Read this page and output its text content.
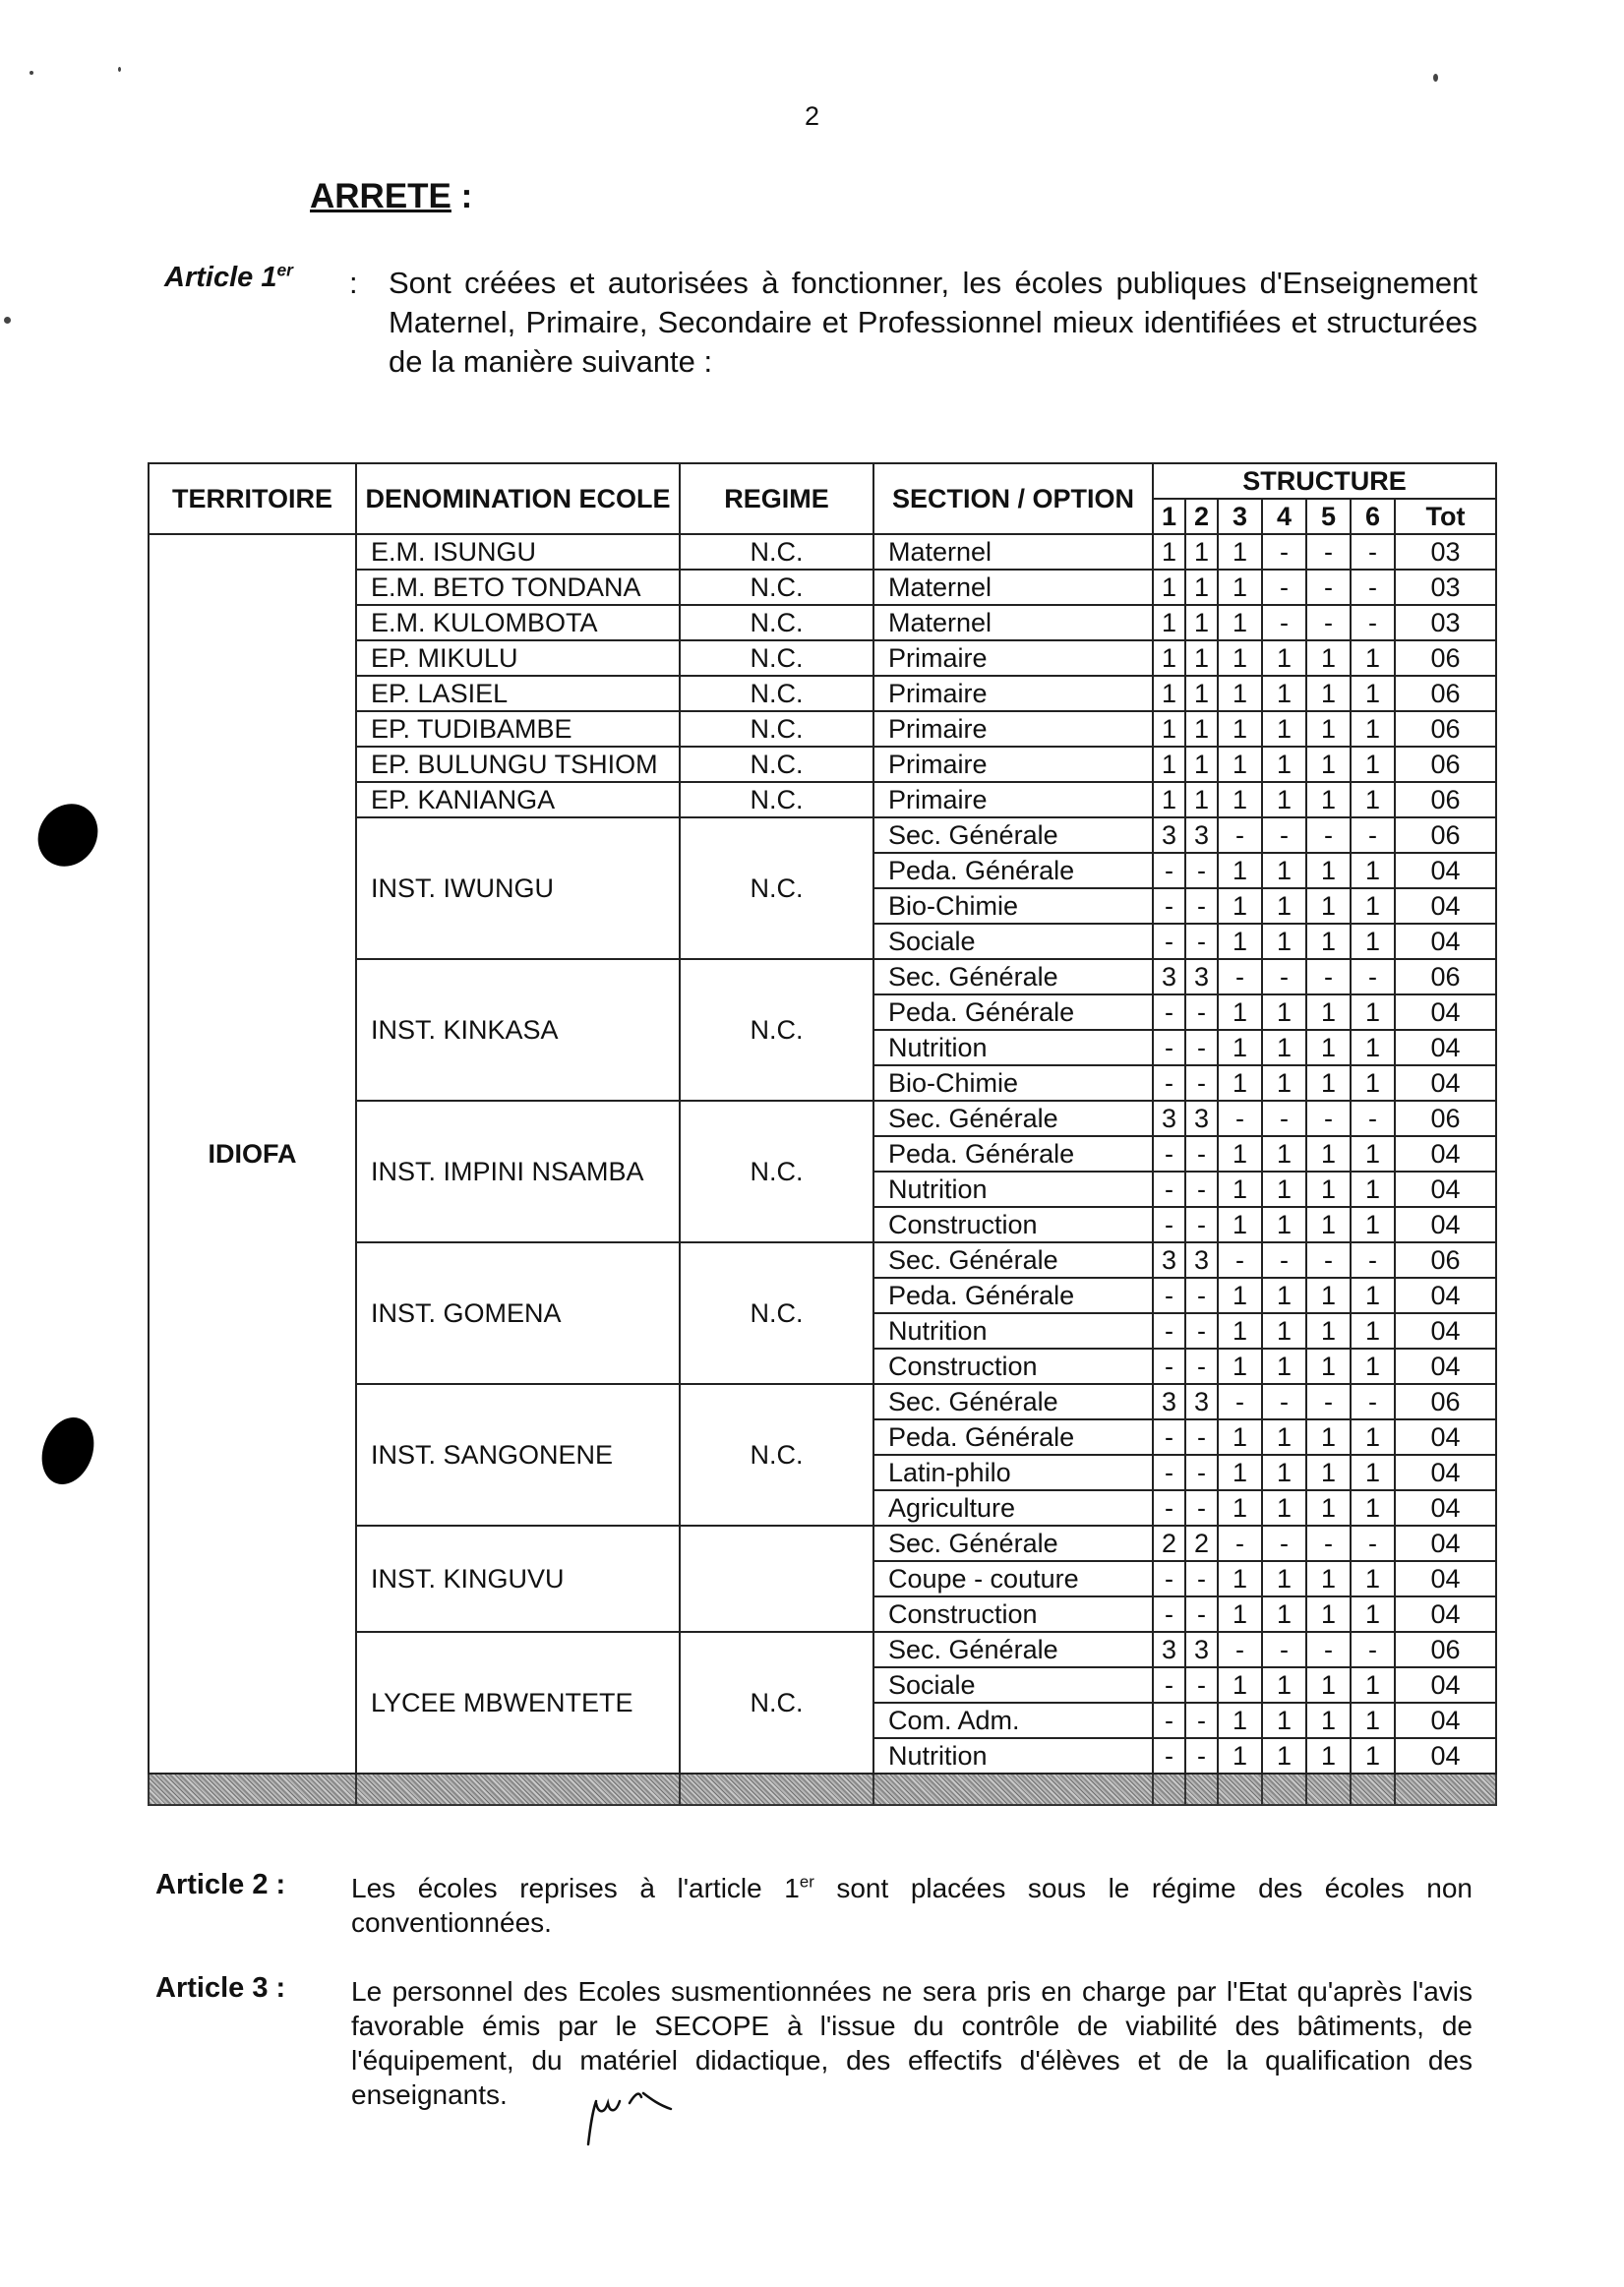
2
ARRETE :
Article 1er : Sont créées et autorisées à fonctionner, les écoles publiques d'Enseignement Maternel, Primaire, Secondaire et Professionnel mieux identifiées et structurées de la manière suivante :
TERRITOIRE	DENOMINATION ECOLE	REGIME	SECTION / OPTION	STRUCTURE						
				1	2	3	4	5	6	Tot
IDIOFA	E.M. ISUNGU	N.C.	Maternel	1	1	1	-	-	-	03
	E.M. BETO TONDANA	N.C.	Maternel	1	1	1	-	-	-	03
	E.M. KULOMBOTA	N.C.	Maternel	1	1	1	-	-	-	03
	EP. MIKULU	N.C.	Primaire	1	1	1	1	1	1	06
	EP. LASIEL	N.C.	Primaire	1	1	1	1	1	1	06
	EP. TUDIBAMBE	N.C.	Primaire	1	1	1	1	1	1	06
	EP. BULUNGU TSHIOM	N.C.	Primaire	1	1	1	1	1	1	06
	EP. KANIANGA	N.C.	Primaire	1	1	1	1	1	1	06
	INST. IWUNGU	N.C.	Sec. Générale	3	3	-	-	-	-	06
			Peda. Générale	-	-	1	1	1	1	04
			Bio-Chimie	-	-	1	1	1	1	04
			Sociale	-	-	1	1	1	1	04
	INST. KINKASA	N.C.	Sec. Générale	3	3	-	-	-	-	06
			Peda. Générale	-	-	1	1	1	1	04
			Nutrition	-	-	1	1	1	1	04
			Bio-Chimie	-	-	1	1	1	1	04
	INST. IMPINI NSAMBA	N.C.	Sec. Générale	3	3	-	-	-	-	06
			Peda. Générale	-	-	1	1	1	1	04
			Nutrition	-	-	1	1	1	1	04
			Construction	-	-	1	1	1	1	04
	INST. GOMENA	N.C.	Sec. Générale	3	3	-	-	-	-	06
			Peda. Générale	-	-	1	1	1	1	04
			Nutrition	-	-	1	1	1	1	04
			Construction	-	-	1	1	1	1	04
	INST. SANGONENE	N.C.	Sec. Générale	3	3	-	-	-	-	06
			Peda. Générale	-	-	1	1	1	1	04
			Latin-philo	-	-	1	1	1	1	04
			Agriculture	-	-	1	1	1	1	04
	INST. KINGUVU		Sec. Générale	2	2	-	-	-	-	04
			Coupe - couture	-	-	1	1	1	1	04
			Construction	-	-	1	1	1	1	04
	LYCEE MBWENTETE	N.C.	Sec. Générale	3	3	-	-	-	-	06
			Sociale	-	-	1	1	1	1	04
			Com. Adm.	-	-	1	1	1	1	04
			Nutrition	-	-	1	1	1	1	04

Article 2 : Les écoles reprises à l'article 1er sont placées sous le régime des écoles non conventionnées.
Article 3 : Le personnel des Ecoles susmentionnées ne sera pris en charge par l'Etat qu'après l'avis favorable émis par le SECOPE à l'issue du contrôle de viabilité des bâtiments, de l'équipement, du matériel didactique, des effectifs d'élèves et de la qualification des enseignants.
